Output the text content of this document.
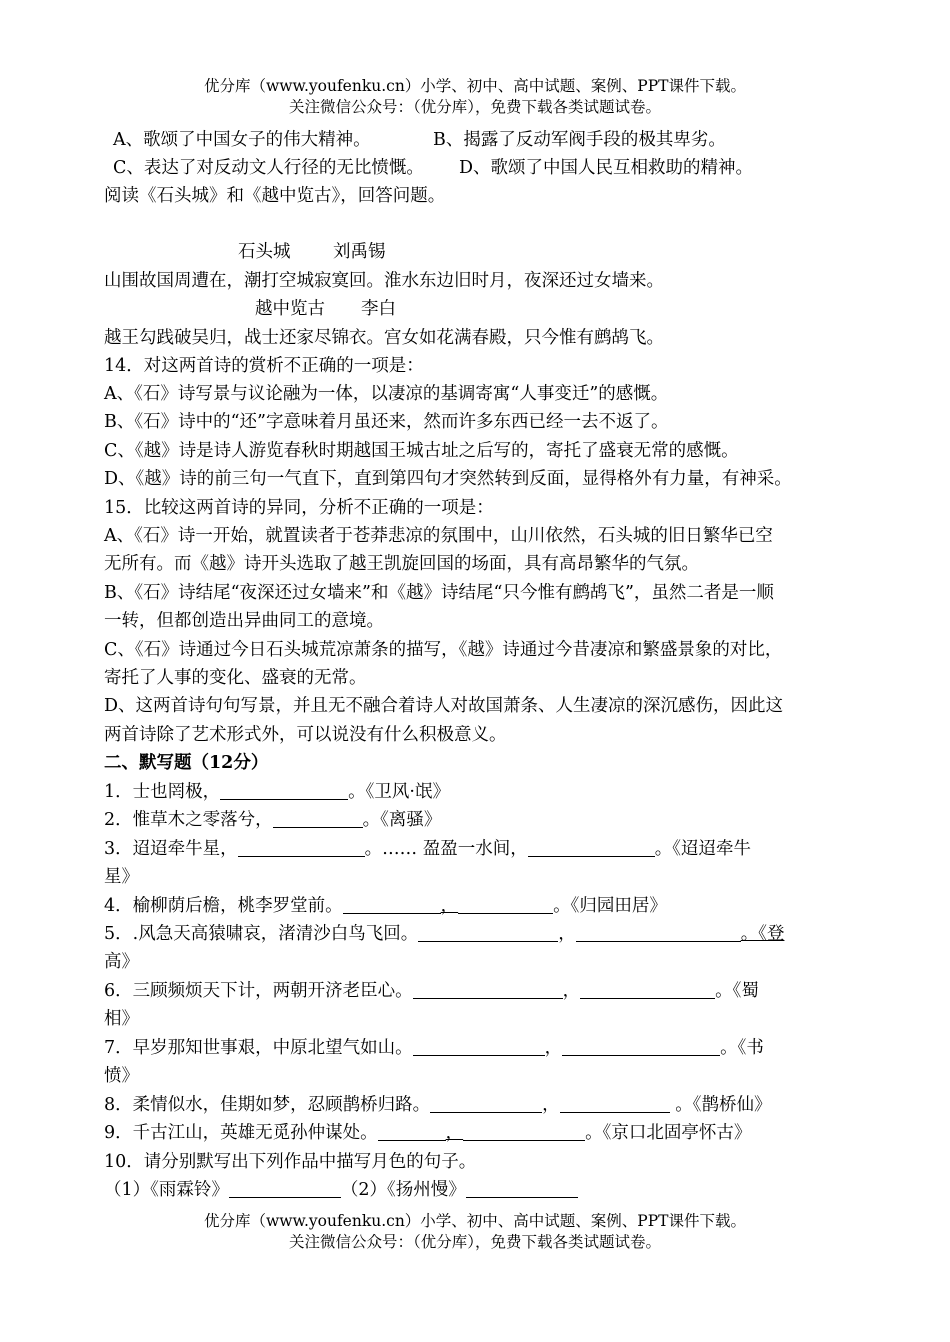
优分库（www.youfenku.cn）小学、初中、高中试题、案例、PPT课件下载。
关注微信公众号：（优分库），免费下载各类试题试卷。
A、歌颂了中国女子的伟大精神。	B、揭露了反动军阀手段的极其卑劣。
C、表达了对反动文人行径的无比愤慨。 D、歌颂了中国人民互相救助的精神。
阅读《石头城》和《越中览古》，回答问题。
石头城 刘禹锡
山围故国周遭在，潮打空城寂寞回。淮水东边旧时月，夜深还过女墙来。
越中览古 李白
越王勾践破吴归，战士还家尽锦衣。宫女如花满春殿，只今惟有鹧鸪飞。
14．对这两首诗的赏析不正确的一项是：
A、《石》诗写景与议论融为一体，以凄凉的基调寄寓“人事变迁”的感慨。
B、《石》诗中的“还”字意味着月虽还来，然而许多东西已经一去不返了。
C、《越》诗是诗人游览春秋时期越国王城古址之后写的，寄托了盛衰无常的感慨。
D、《越》诗的前三句一气直下，直到第四句才突然转到反面，显得格外有力量，有神采。
15．比较这两首诗的异同，分析不正确的一项是：
A、《石》诗一开始，就置读者于苍莽悲凉的氛围中，山川依然，石头城的旧日繁华已空
无所有。而《越》诗开头选取了越王凯旋回国的场面，具有高昂繁华的气氛。
B、《石》诗结尾“夜深还过女墙来”和《越》诗结尾“只今惟有鹧鸪飞”，虽然二者是一顺
一转，但都创造出异曲同工的意境。
C、《石》诗通过今日石头城荒凉萧条的描写，《越》诗通过今昔凄凉和繁盛景象的对比，
寄托了人事的变化、盛衰的无常。
D、这两首诗句句写景，并且无不融合着诗人对故国萧条、人生凄凉的深沉感伤，因此这
两首诗除了艺术形式外，可以说没有什么积极意义。
二、默写题（12分）
1．士也罔极，	。《卫风·氓》
2．惟草木之零落兮，	。《离骚》
3．迢迢牵牛星，	。…… 盈盈一水间，	。《迢迢牵牛
星》
4．榆柳荫后檐，桃李罗堂前。	，	。《归园田居》
5．.风急天高猿啸哀，渚清沙白鸟飞回。	，	。《登
高》
6．三顾频烦天下计，两朝开济老臣心。	，	。《蜀
相》
7．早岁那知世事艰，中原北望气如山。	，	。《书
愤》
8．柔情似水，佳期如梦，忍顾鹊桥归路。	，	。《鹊桥仙》
9．千古江山，英雄无觅孙仲谋处。	，	。《京口北固亭怀古》
10．请分别默写出下列作品中描写月色的句子。
（1）《雨霖铃》	（2）《扬州慢》
优分库（www.youfenku.cn）小学、初中、高中试题、案例、PPT课件下载。
关注微信公众号：（优分库），免费下载各类试题试卷。
